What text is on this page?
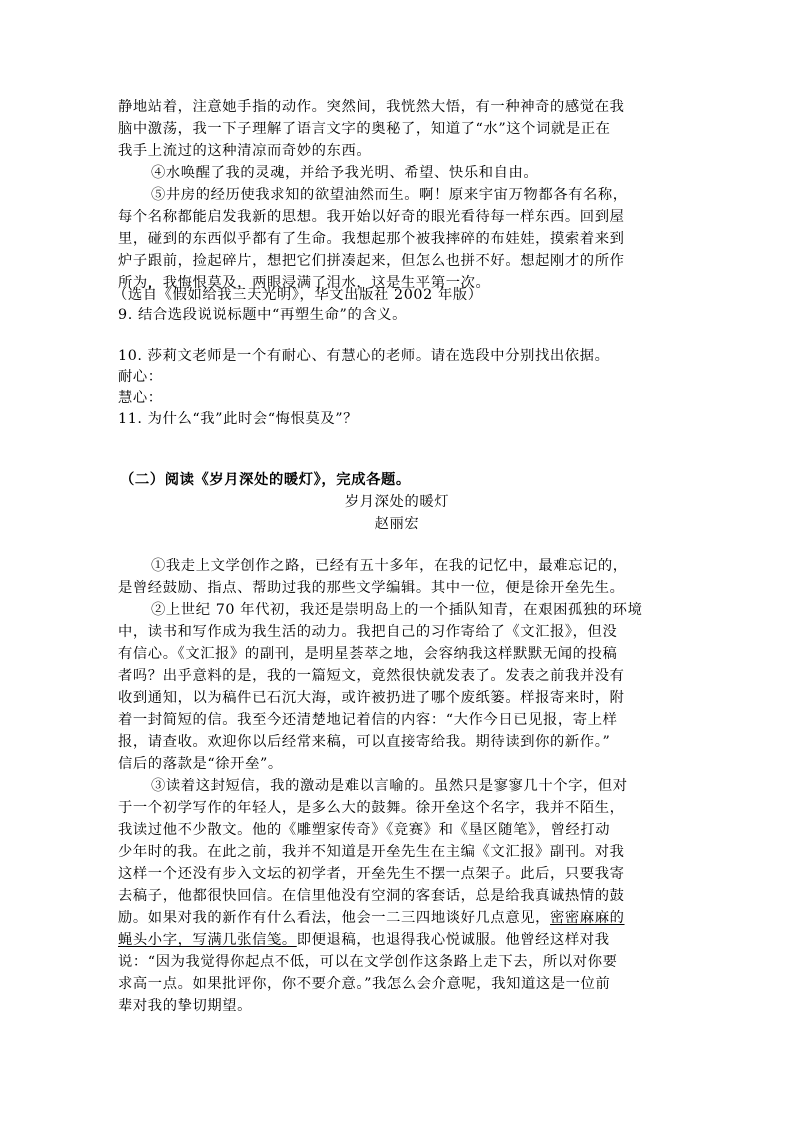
静地站着，注意她手指的动作。突然间，我恍然大悟，有一种神奇的感觉在我
脑中激荡，我一下子理解了语言文字的奥秘了，知道了“水”这个词就是正在
我手上流过的这种清凉而奇妙的东西。
④水唤醒了我的灵魂，并给予我光明、希望、快乐和自由。
⑤井房的经历使我求知的欲望油然而生。啊！原来宇宙万物都各有名称，
每个名称都能启发我新的思想。我开始以好奇的眼光看待每一样东西。回到屋
里，碰到的东西似乎都有了生命。我想起那个被我摔碎的布娃娃，摸索着来到
炉子跟前，捡起碎片，想把它们拼凑起来，但怎么也拼不好。想起刚才的所作
所为，我悔恨莫及，两眼浸满了泪水，这是生平第一次。
（选自《假如给我三天光明》，华文出版社 2002 年版）
9. 结合选段说说标题中“再塑生命”的含义。
10. 莎莉文老师是一个有耐心、有慧心的老师。请在选段中分别找出依据。
耐心：
慧心：
11. 为什么“我”此时会“悔恨莫及”？
（二）阅读《岁月深处的暖灯》，完成各题。
岁月深处的暖灯
赵丽宏
①我走上文学创作之路，已经有五十多年，在我的记忆中，最难忘记的，
是曾经鼓励、指点、帮助过我的那些文学编辑。其中一位，便是徐开垒先生。
②上世纪 70 年代初，我还是崇明岛上的一个插队知青，在艰困孤独的环境
中，读书和写作成为我生活的动力。我把自己的习作寄给了《文汇报》，但没
有信心。《文汇报》的副刊，是明星荟萃之地，会容纳我这样默默无闻的投稿
者吗？出乎意料的是，我的一篇短文，竟然很快就发表了。发表之前我并没有
收到通知，以为稿件已石沉大海，或许被扔进了哪个废纸篓。样报寄来时，附
着一封简短的信。我至今还清楚地记着信的内容：“大作今日已见报，寄上样
报，请查收。欢迎你以后经常来稿，可以直接寄给我。期待读到你的新作。”
信后的落款是“徐开垒”。
③读着这封短信，我的激动是难以言喻的。虽然只是寥寥几十个字，但对
于一个初学写作的年轻人，是多么大的鼓舞。徐开垒这个名字，我并不陌生，
我读过他不少散文。他的《雕塑家传奇》《竞赛》和《垦区随笔》，曾经打动
少年时的我。在此之前，我并不知道是开垒先生在主编《文汇报》副刊。对我
这样一个还没有步入文坛的初学者，开垒先生不摆一点架子。此后，只要我寄
去稿子，他都很快回信。在信里他没有空洞的客套话，总是给我真诚热情的鼓
励。如果对我的新作有什么看法，他会一二三四地谈好几点意见，密密麻麻的
蝇头小字，写满几张信笺。即便退稿，也退得我心悦诚服。他曾经这样对我
说：“因为我觉得你起点不低，可以在文学创作这条路上走下去，所以对你要
求高一点。如果批评你，你不要介意。”我怎么会介意呢，我知道这是一位前
辈对我的挚切期望。
